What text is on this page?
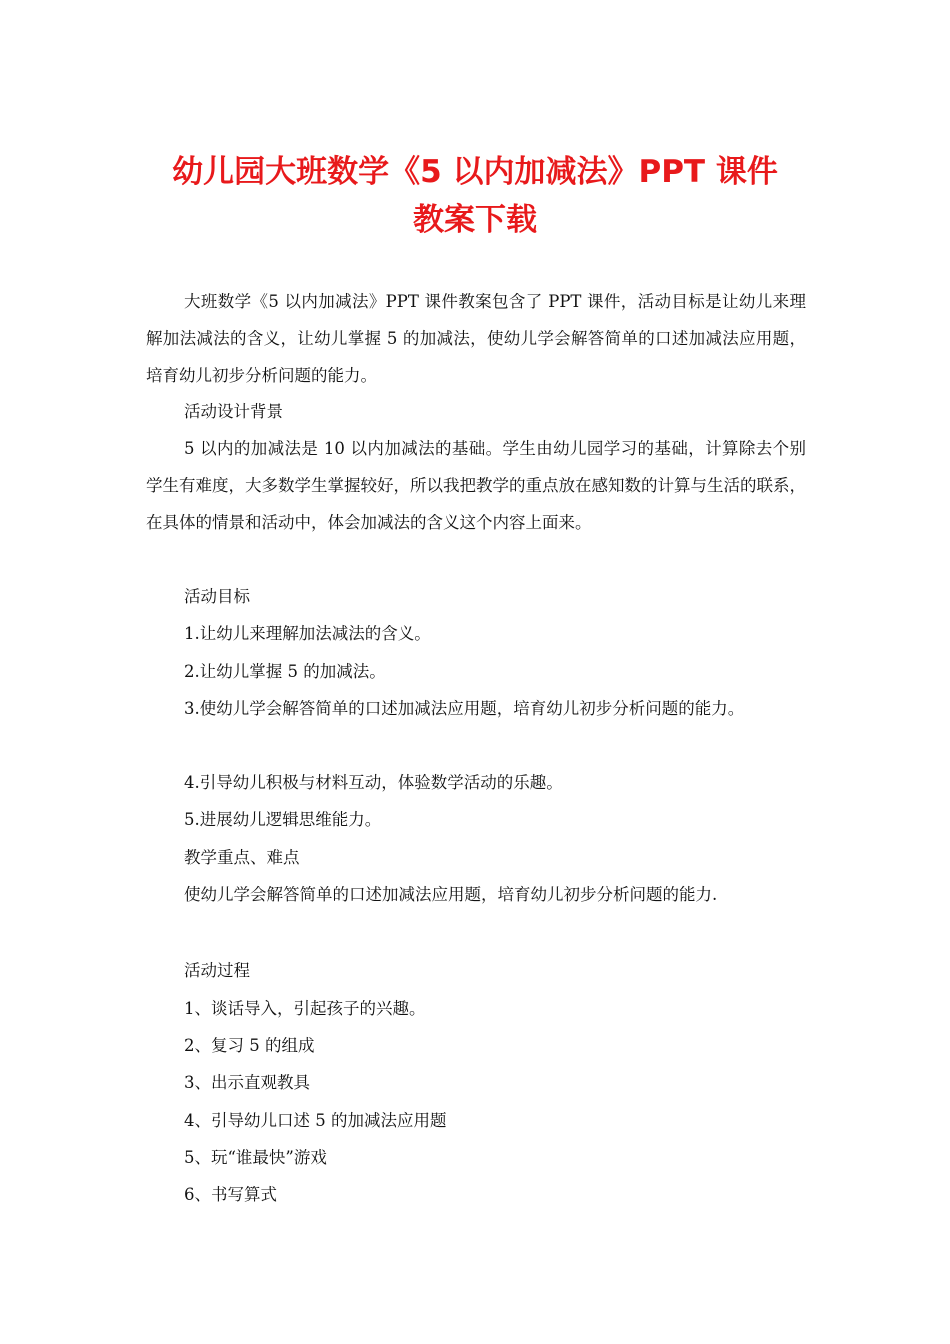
幼儿园大班数学《5 以内加减法》PPT 课件
教案下载

大班数学《5 以内加减法》PPT 课件教案包含了 PPT 课件，活动目标是让幼儿来理解加法减法的含义，让幼儿掌握 5 的加减法，使幼儿学会解答简单的口述加减法应用题，培育幼儿初步分析问题的能力。

活动设计背景

5 以内的加减法是 10 以内加减法的基础。学生由幼儿园学习的基础，计算除去个别学生有难度，大多数学生掌握较好，所以我把教学的重点放在感知数的计算与生活的联系，在具体的情景和活动中，体会加减法的含义这个内容上面来。

活动目标

1.让幼儿来理解加法减法的含义。

2.让幼儿掌握 5 的加减法。

3.使幼儿学会解答简单的口述加减法应用题，培育幼儿初步分析问题的能力。

4.引导幼儿积极与材料互动，体验数学活动的乐趣。

5.进展幼儿逻辑思维能力。

教学重点、难点

使幼儿学会解答简单的口述加减法应用题，培育幼儿初步分析问题的能力.

活动过程

1、谈话导入，引起孩子的兴趣。

2、复习 5 的组成

3、出示直观教具

4、引导幼儿口述 5 的加减法应用题

5、玩“谁最快”游戏

6、书写算式
